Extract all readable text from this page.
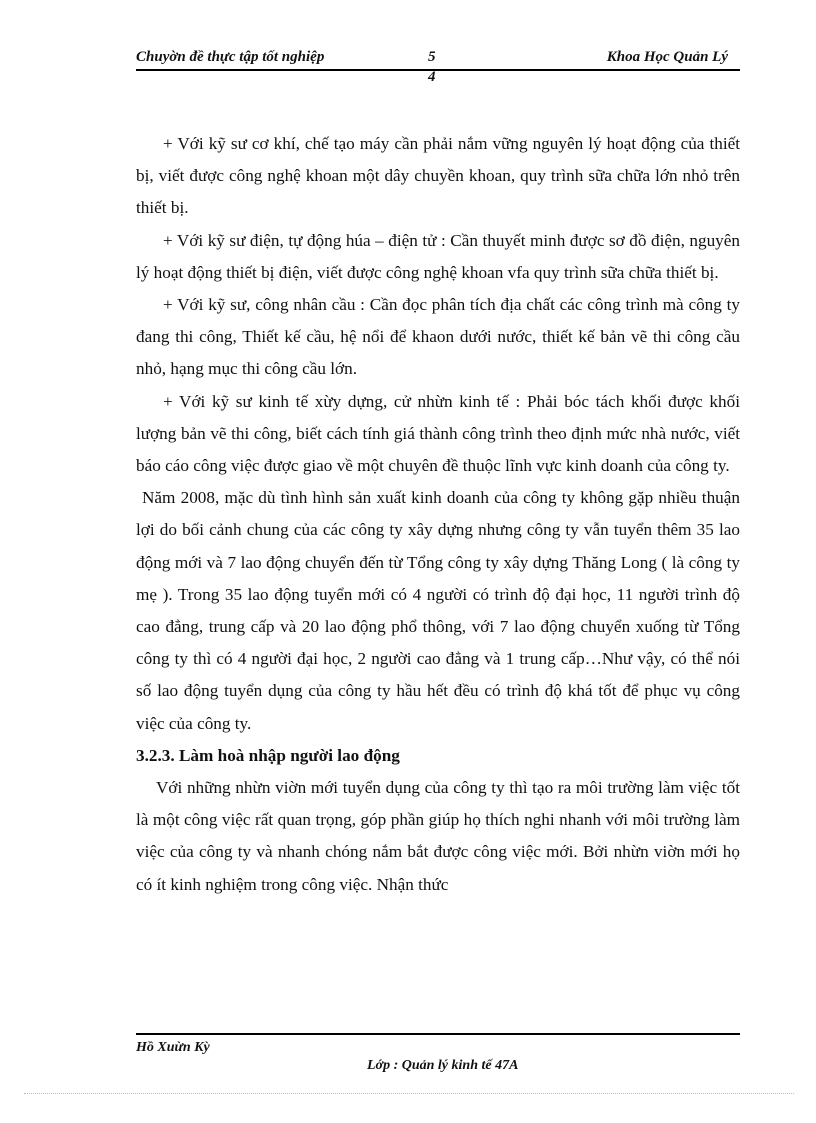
Chuyờn đề thực tập tốt nghiệp	5	Khoa Học Quản Lý
4

+ Với kỹ sư cơ khí, chế tạo máy cần phải nắm vững nguyên lý hoạt động của thiết bị, viết được công nghệ khoan một dây chuyền khoan, quy trình sữa chữa lớn nhỏ trên thiết bị.

+ Với kỹ sư điện, tự động húa – điện tử : Cần thuyết minh được sơ đồ điện, nguyên lý hoạt động thiết bị điện, viết được công nghệ khoan vfa quy trình sữa chữa thiết bị.

+ Với kỹ sư, công nhân cầu : Cần đọc phân tích địa chất các công trình mà công ty đang thi công, Thiết kế cầu, hệ nổi để khaon dưới nước, thiết kế bản vẽ thi công cầu nhỏ, hạng mục thi công cầu lớn.

+ Với kỹ sư kinh tế xừy dựng, cử nhừn kinh tế : Phải bóc tách khối được khối lượng bản vẽ thi công, biết cách tính giá thành công trình theo định mức nhà nước, viết báo cáo công việc được giao về một chuyên đề thuộc lĩnh vực kinh doanh của công ty.

Năm 2008, mặc dù tình hình sản xuất kinh doanh của công ty không gặp nhiều thuận lợi do bối cảnh chung của các công ty xây dựng nhưng công ty vẫn tuyển thêm 35 lao động mới và 7 lao động chuyển đến từ Tổng công ty xây dựng Thăng Long ( là công ty mẹ ). Trong 35 lao động tuyển mới có 4 người có trình độ đại học, 11 người trình độ cao đẳng, trung cấp và 20 lao động phổ thông, với 7 lao động chuyển xuống từ Tổng công ty thì có 4 người đại học, 2 người cao đẳng và 1 trung cấp…Như vậy, có thể nói số lao động tuyển dụng của công ty hầu hết đều có trình độ khá tốt để phục vụ công việc của công ty.

3.2.3. Làm hoà nhập người lao động

Với những nhừn viờn mới tuyển dụng của công ty thì tạo ra môi trường làm việc tốt là một công việc rất quan trọng, góp phần giúp họ thích nghi nhanh với môi trường làm việc của công ty và nhanh chóng nắm bắt được công việc mới. Bởi nhừn viờn mới họ có ít kinh nghiệm trong công việc. Nhận thức

Hồ Xuừn Kỳ
Lớp : Quản lý kinh tế 47A
